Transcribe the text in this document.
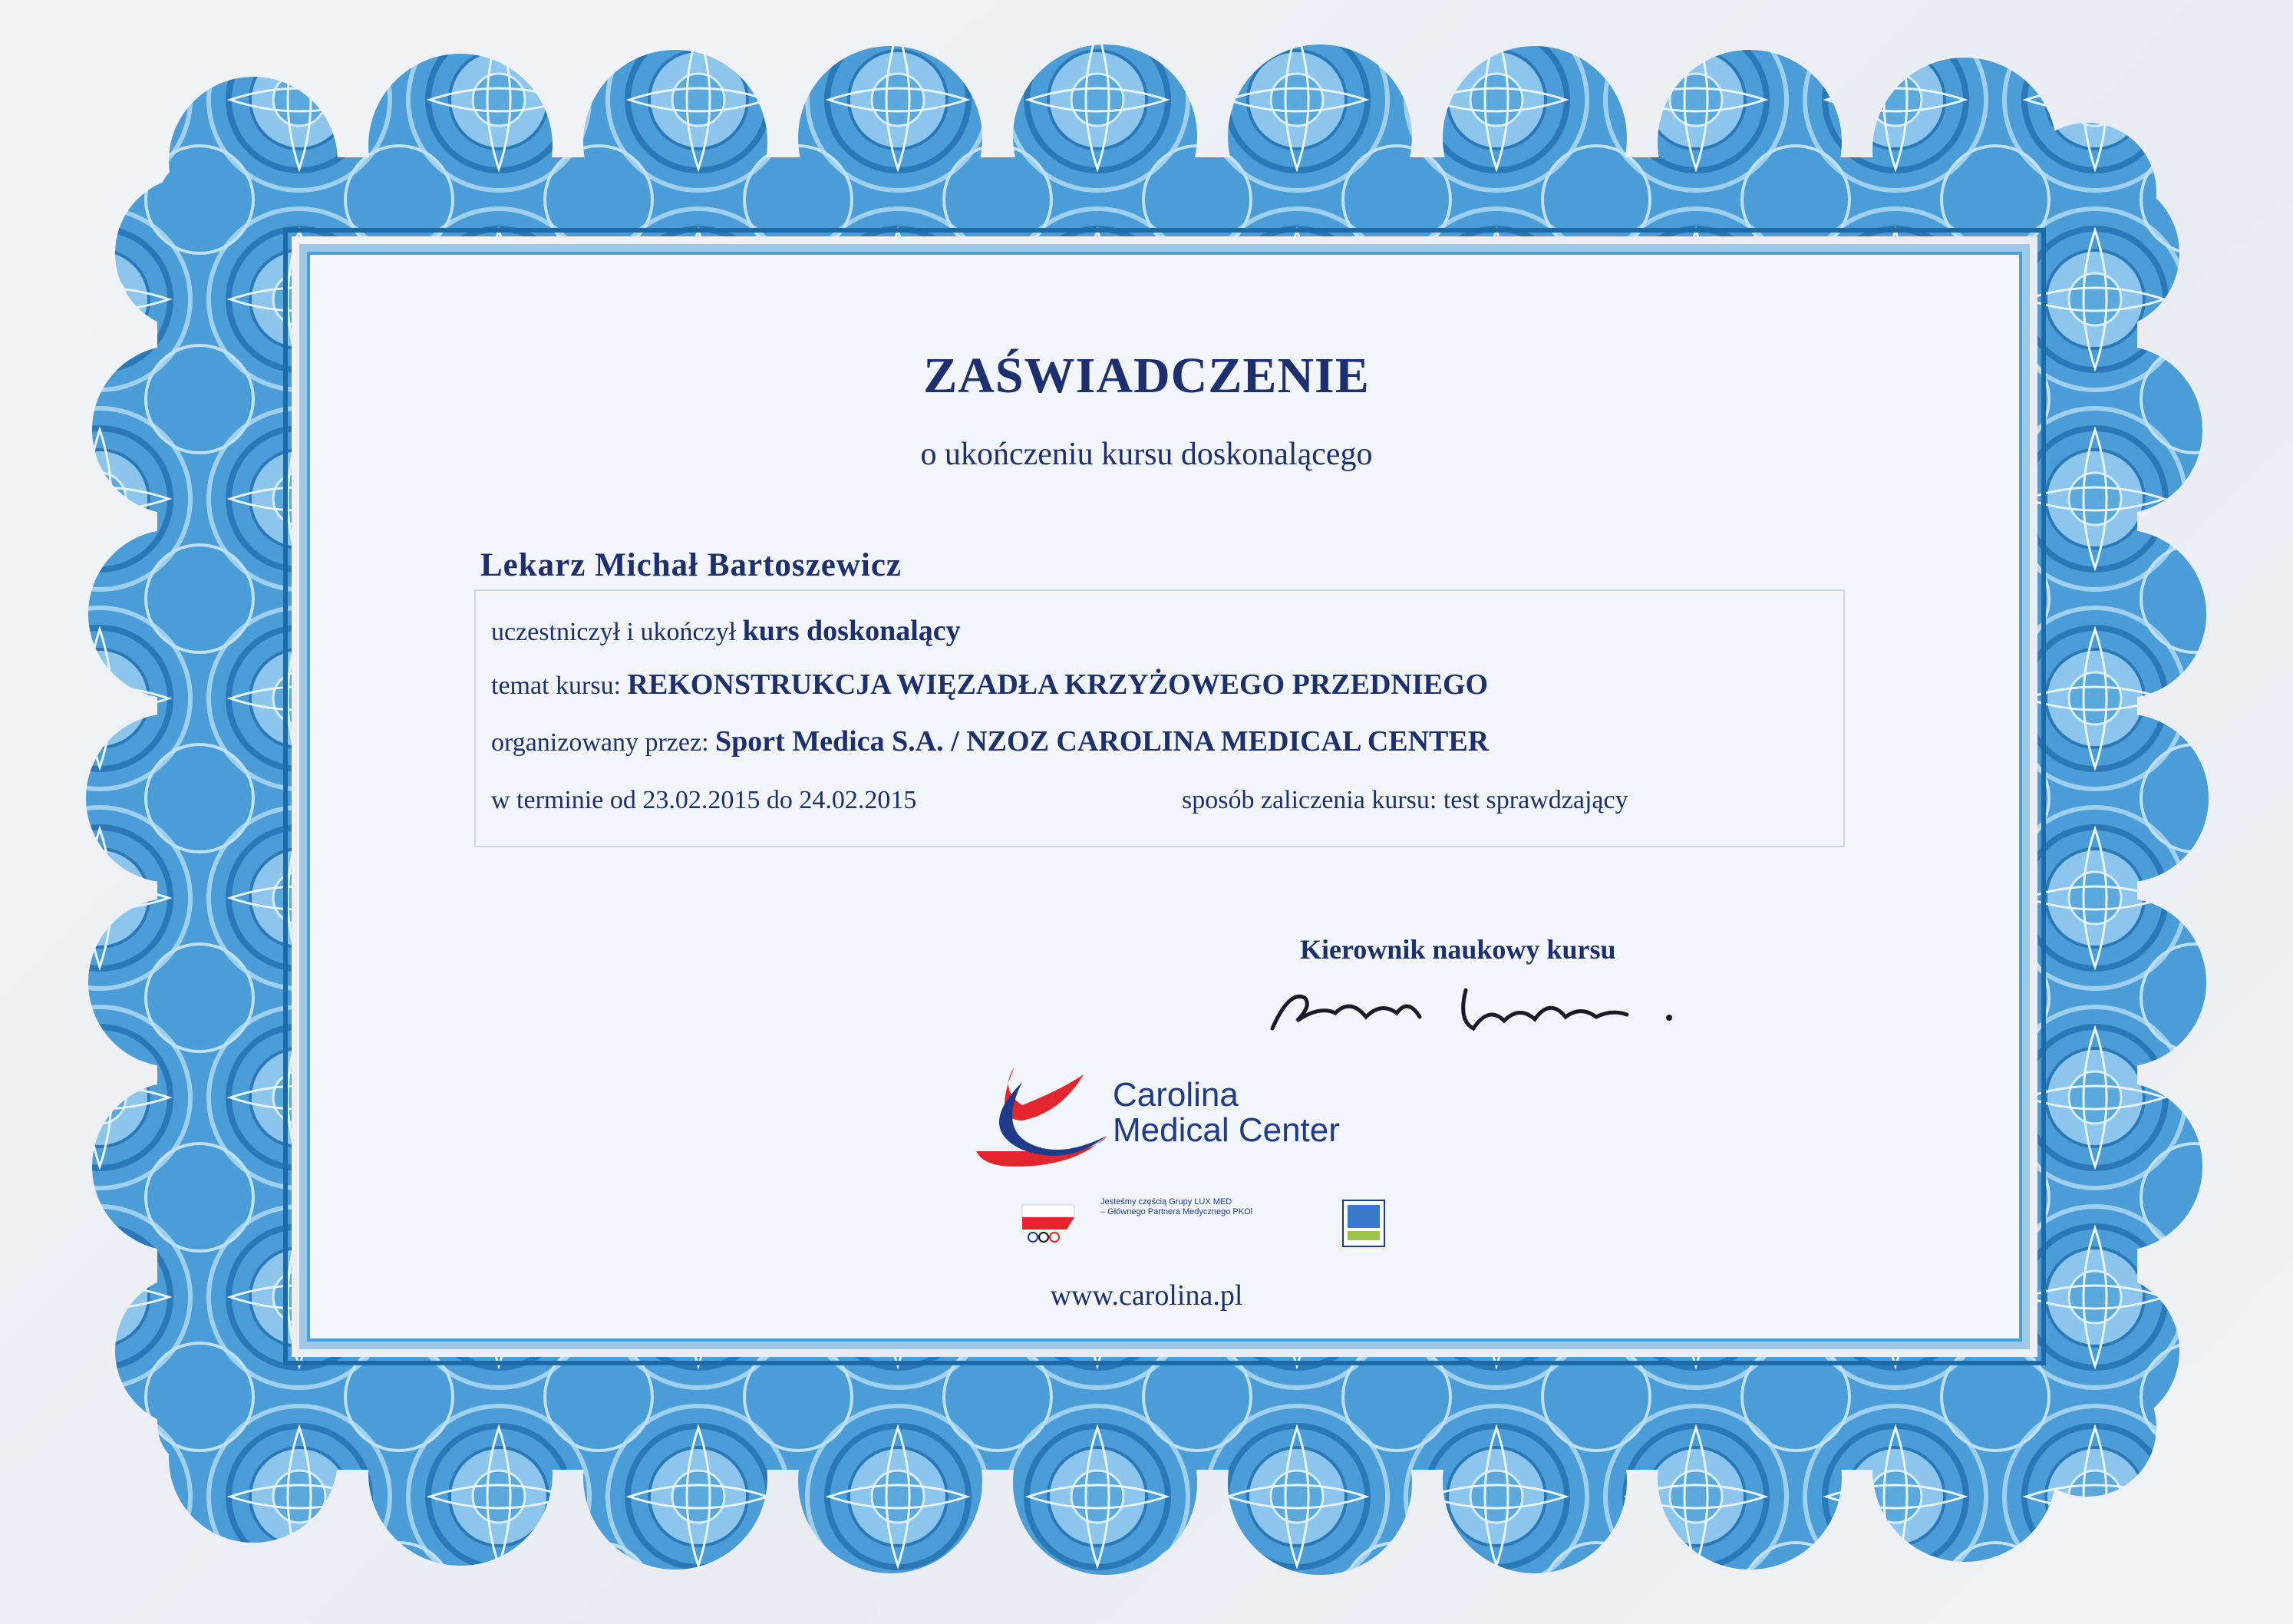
ZAŚWIADCZENIE
o ukończeniu kursu doskonalącego
Lekarz Michał Bartoszewicz
uczestniczył i ukończył kurs doskonalący
temat kursu: REKONSTRUKCJA WIĘZADŁA KRZYŻOWEGO PRZEDNIEGO
organizowany przez: Sport Medica S.A. / NZOZ CAROLINA MEDICAL CENTER
w terminie od 23.02.2015 do 24.02.2015	sposób zaliczenia kursu: test sprawdzający
Kierownik naukowy kursu
Carolina
Medical Center
Jesteśmy częścią Grupy LUX MED
– Głównego Partnera Medycznego PKOl
www.carolina.pl
